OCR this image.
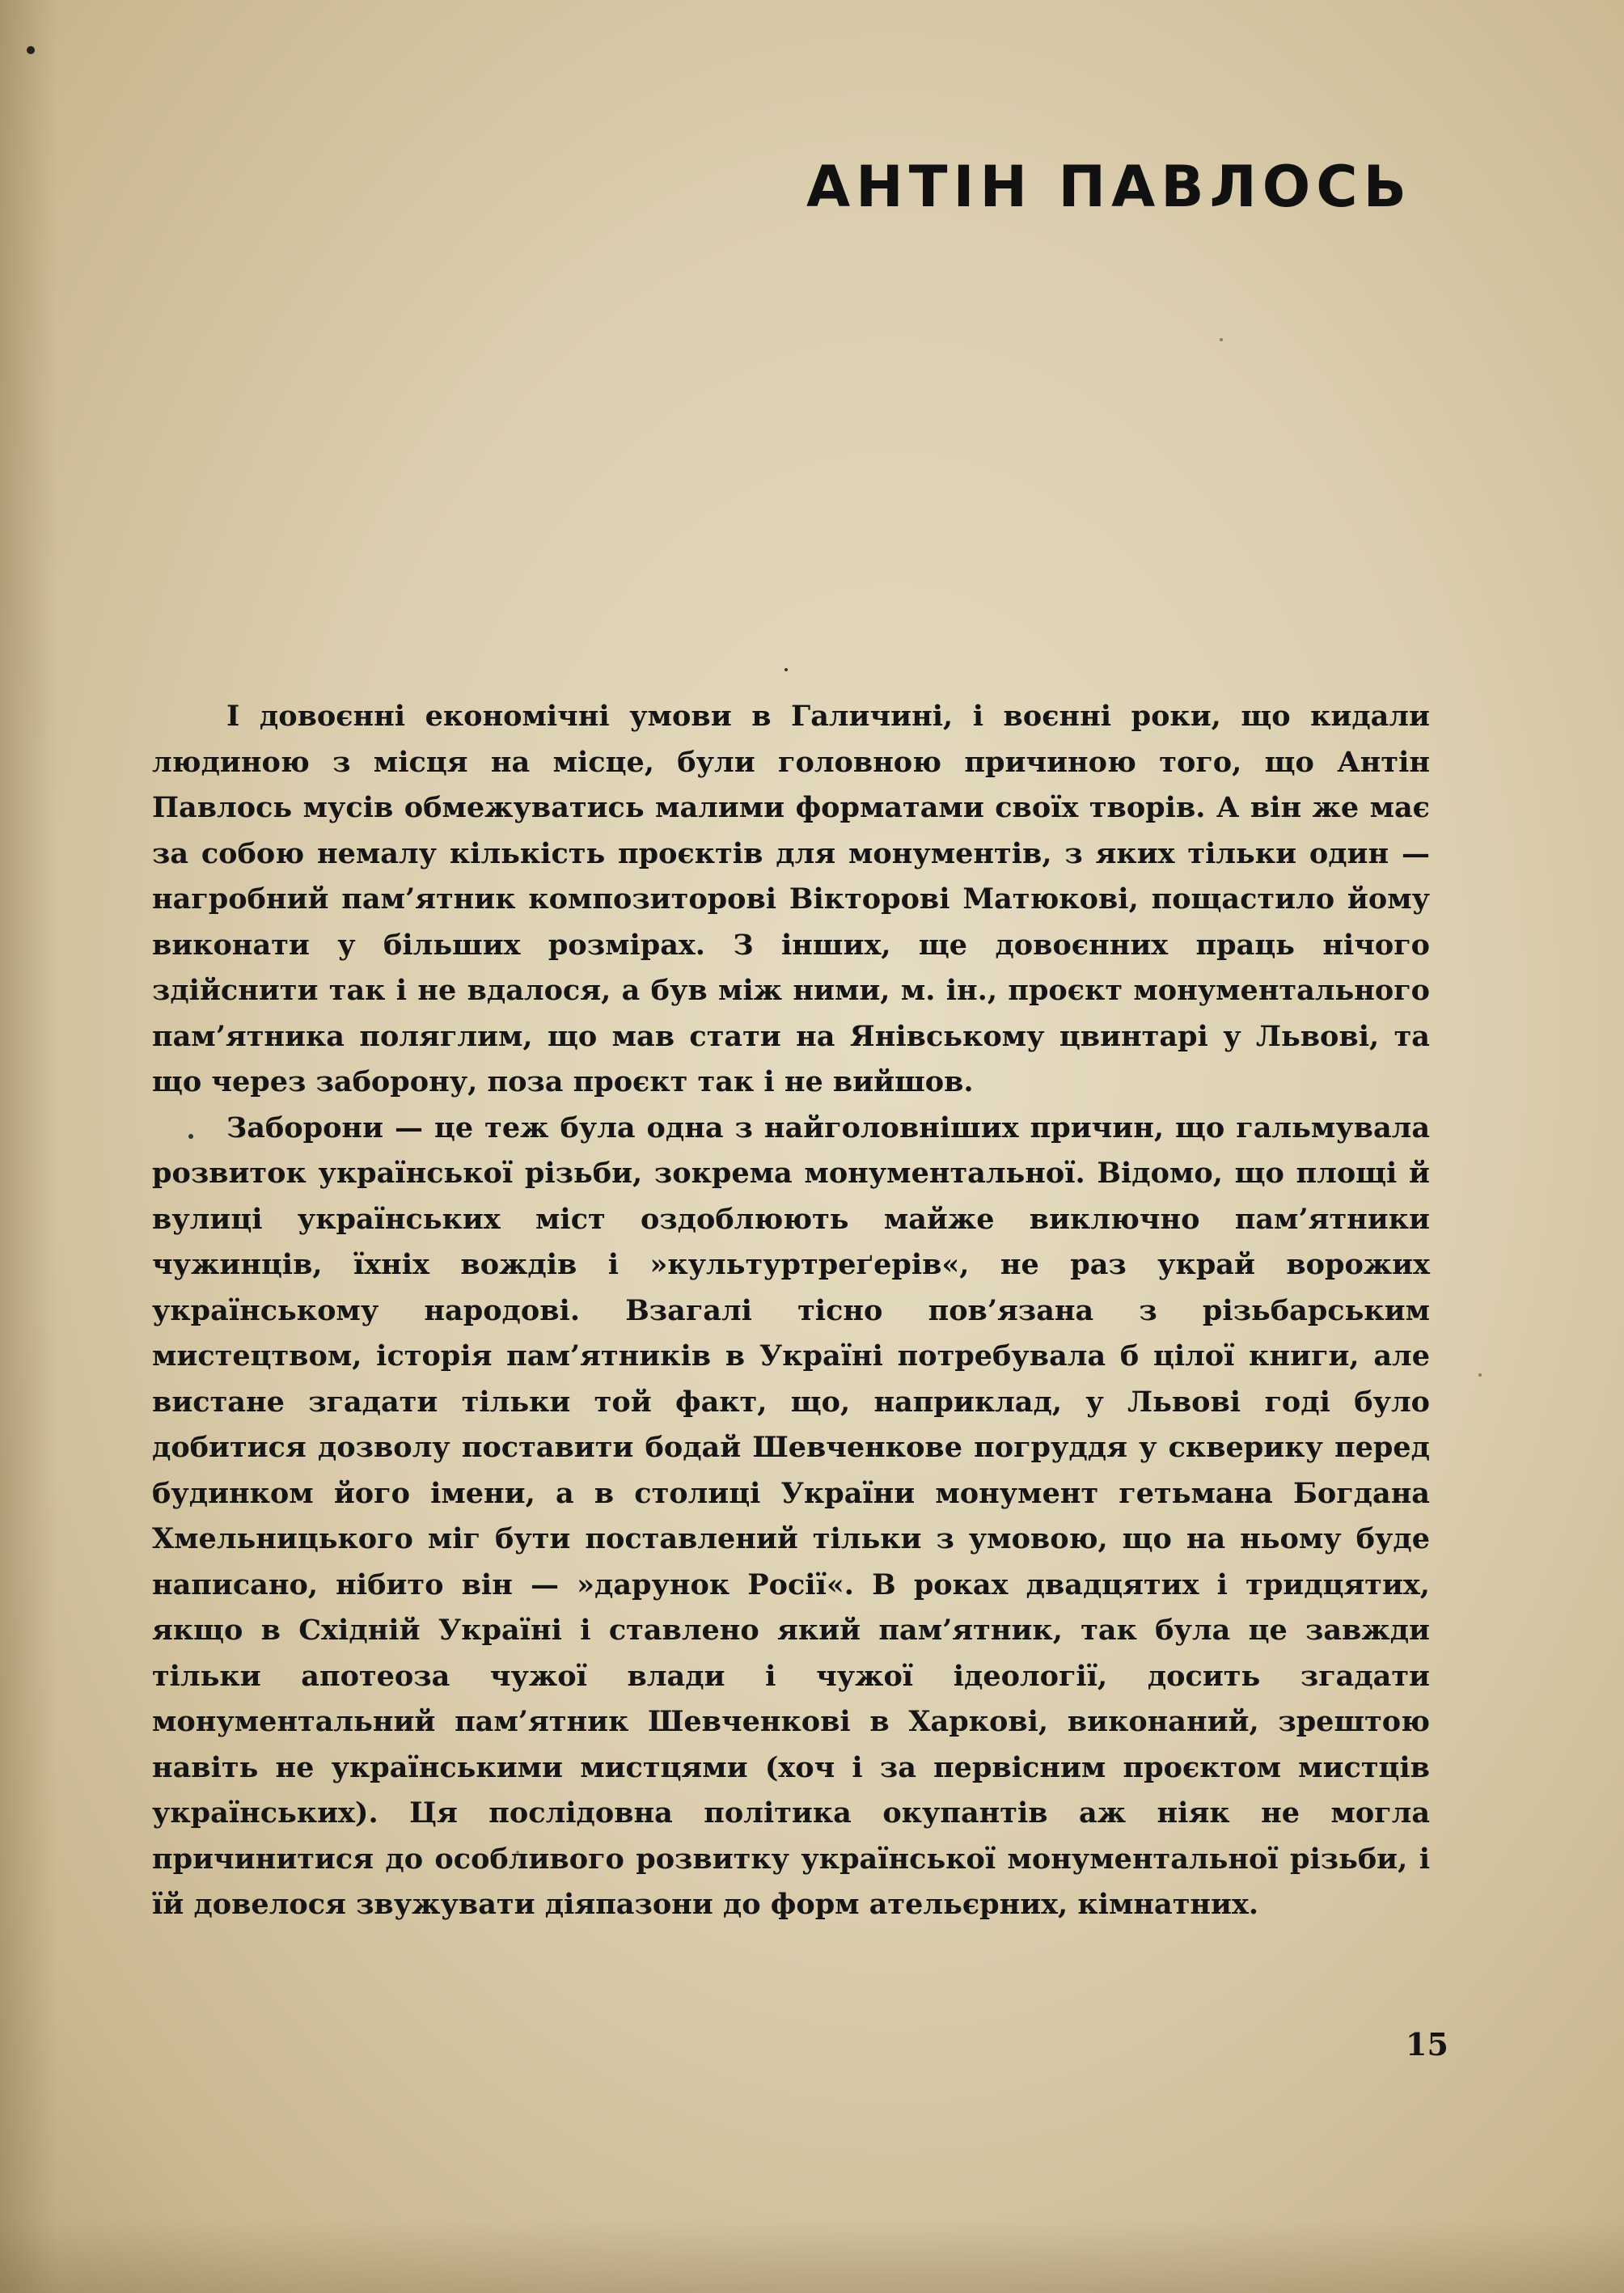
АНТІН ПАВЛОСЬ

І довоєнні економічні умови в Галичині, і воєнні роки, що кидали людиною з місця на місце, були головною причиною того, що Антін Павлось мусів обмежуватись малими форматами своїх творів. А він же має за собою немалу кількість проєктів для монументів, з яких тільки один — нагробний пам’ятник композиторові Вікторові Матюкові, пощастило йому виконати у більших розмірах. З інших, ще довоєнних праць нічого здійснити так і не вдалося, а був між ними, м. ін., проєкт монументального пам’ятника поляглим, що мав стати на Янівському цвинтарі у Львові, та що через заборону, поза проєкт так і не вийшов.

Заборони — це теж була одна з найголовніших причин, що гальмувала розвиток української різьби, зокрема монументальної. Відомо, що площі й вулиці українських міст оздоблюють майже виключно пам’ятники чужинців, їхніх вождів і »культуртреґерів«, не раз украй ворожих українському народові. Взагалі тісно пов’язана з різьбарським мистецтвом, історія пам’ятників в Україні потребувала б цілої книги, але вистане згадати тільки той факт, що, наприклад, у Львові годі було добитися дозволу поставити бодай Шевченкове погруддя у скверику перед будинком його імени, а в столиці України монумент гетьмана Богдана Хмельницького міг бути поставлений тільки з умовою, що на ньому буде написано, нібито він — »дарунок Росії«. В роках двадцятих і тридцятих, якщо в Східній Україні і ставлено який пам’ятник, так була це завжди тільки апотеоза чужої влади і чужої ідеології, досить згадати монументальний пам’ятник Шевченкові в Харкові, виконаний, зрештою навіть не українськими мистцями (хоч і за первісним проєктом мистців українських). Ця послідовна політика окупантів аж ніяк не могла причинитися до особливого розвитку української монументальної різьби, і їй довелося звужувати діяпазони до форм ательєрних, кімнатних.

15
